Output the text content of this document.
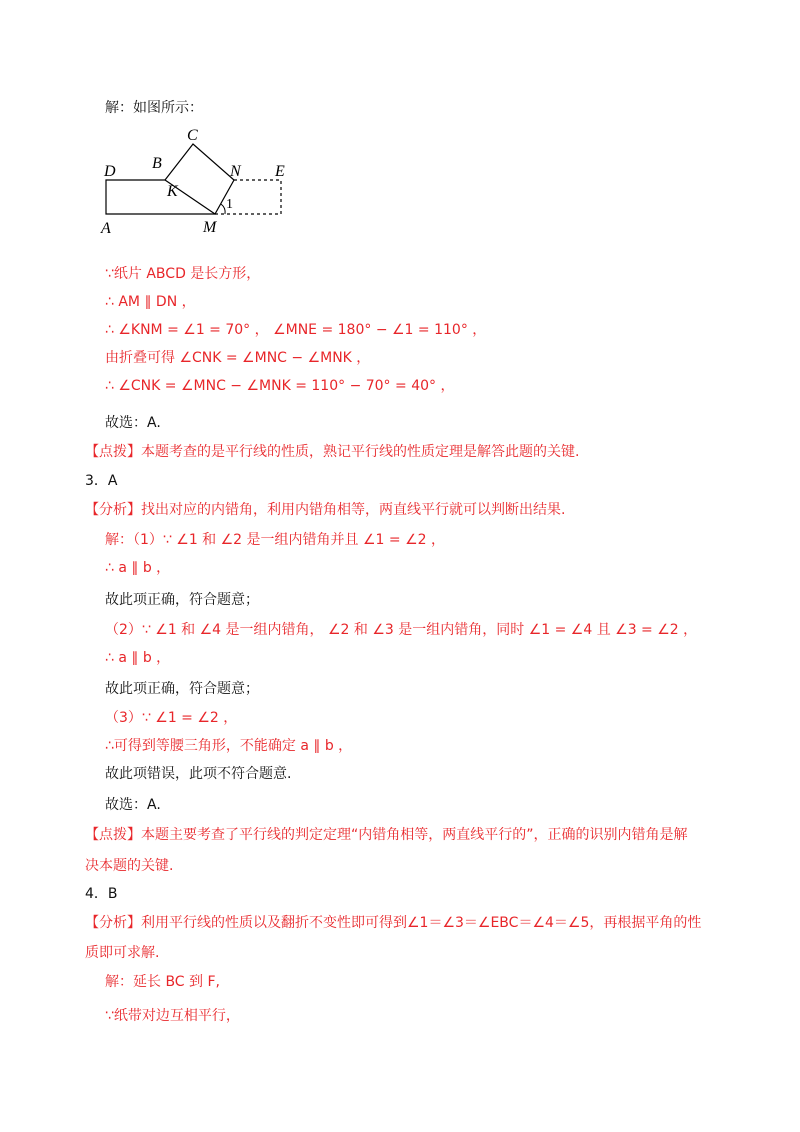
C
B	N E
D
K
A	M
1
解：如图所示：
∵纸片 ABCD 是长方形，
∴ AM ∥ DN ，
∴ ∠KNM = ∠1 = 70° ， ∠MNE = 180° − ∠1 = 110° ，
由折叠可得 ∠CNK = ∠MNC − ∠MNK ，
∴ ∠CNK = ∠MNC − ∠MNK = 110° − 70° = 40° ，
故选：A.
【点拨】本题考查的是平行线的性质，熟记平行线的性质定理是解答此题的关键.
3．A
【分析】找出对应的内错角，利用内错角相等，两直线平行就可以判断出结果.
解：（1）∵ ∠1 和 ∠2 是一组内错角并且 ∠1 = ∠2 ，
∴ a ∥ b ，
故此项正确，符合题意；
（2）∵ ∠1 和 ∠4 是一组内错角， ∠2 和 ∠3 是一组内错角，同时 ∠1 = ∠4 且 ∠3 = ∠2 ，
∴ a ∥ b ，
故此项正确，符合题意；
（3）∵ ∠1 = ∠2 ，
∴可得到等腰三角形，不能确定 a ∥ b ，
故此项错误，此项不符合题意.
故选：A.
【点拨】本题主要考查了平行线的判定定理“内错角相等，两直线平行的”，正确的识别内错角是解
决本题的关键.
4．B
【分析】利用平行线的性质以及翻折不变性即可得到∠1＝∠3＝∠EBC＝∠4＝∠5，再根据平角的性
质即可求解.
解：延长 BC 到 F,
∵纸带对边互相平行，
